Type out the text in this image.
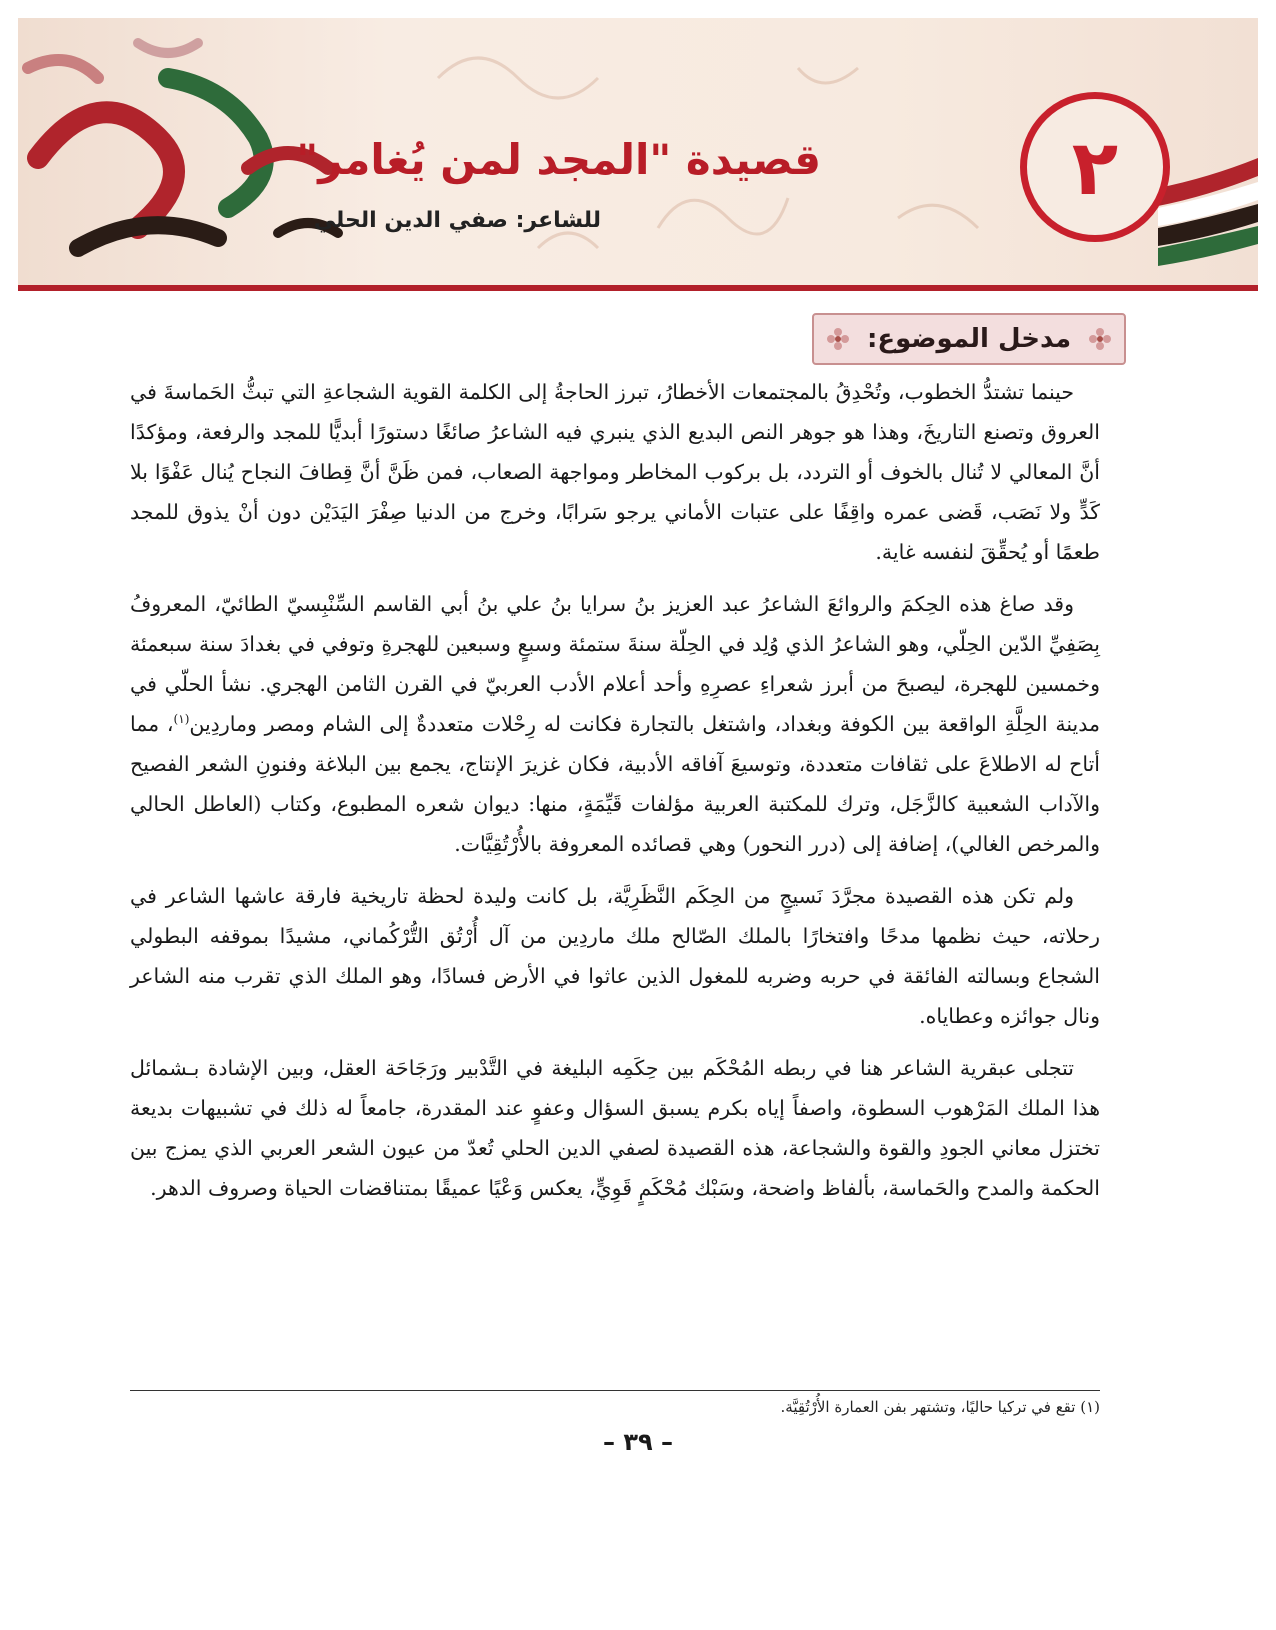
٢
قصيدة "المجد لمن يُغامر"
للشاعر: صفي الدين الحلي
مدخل الموضوع:

حينما تشتدُّ الخطوب، وتُحْدِقُ بالمجتمعات الأخطارُ، تبرز الحاجةُ إلى الكلمة القوية الشجاعةِ التي تبثُّ الحَماسةَ في العروق وتصنع التاريخَ، وهذا هو جوهر النص البديع الذي ينبري فيه الشاعرُ صائغًا دستورًا أبديًّا للمجد والرفعة، ومؤكدًا أنَّ المعالي لا تُنال بالخوف أو التردد، بل بركوب المخاطر ومواجهة الصعاب، فمن ظَنَّ أنَّ قِطافَ النجاح يُنال عَفْوًا بلا كَدٍّ ولا نَصَب، قَضى عمره واقِفًا على عتبات الأماني يرجو سَرابًا، وخرج من الدنيا صِفْرَ اليَدَيْن دون أنْ يذوق للمجد طعمًا أو يُحقِّقَ لنفسه غاية.

وقد صاغ هذه الحِكمَ والروائعَ الشاعرُ عبد العزيز بنُ سرايا بنُ علي بنُ أبي القاسم السِّنْبِسيّ الطائيّ، المعروفُ بِصَفِيِّ الدّين الحِلّي، وهو الشاعرُ الذي وُلِد في الحِلّة سنةَ ستمئة وسبعٍ وسبعين للهجرةِ وتوفي في بغدادَ سنة سبعمئة وخمسين للهجرة، ليصبحَ من أبرز شعراءِ عصرِهِ وأحد أعلام الأدب العربيّ في القرن الثامن الهجري. نشأ الحلّي في مدينة الحِلَّةِ الواقعة بين الكوفة وبغداد، واشتغل بالتجارة فكانت له رِحْلات متعددةٌ إلى الشام ومصر وماردِين$^{(١)}$، مما أتاح له الاطلاعَ على ثقافات متعددة، وتوسيعَ آفاقه الأدبية، فكان غزيرَ الإنتاج، يجمع بين البلاغة وفنونِ الشعر الفصيح والآداب الشعبية كالزَّجَل، وترك للمكتبة العربية مؤلفات قَيِّمَةٍ، منها: ديوان شعره المطبوع، وكتاب (العاطل الحالي والمرخص الغالي)، إضافة إلى (درر النحور) وهي قصائده المعروفة بالأُرْتُقِيَّات.

ولم تكن هذه القصيدة مجرَّدَ نَسيجٍ من الحِكَم النَّظَرِيَّة، بل كانت وليدة لحظة تاريخية فارقة عاشها الشاعر في رحلاته، حيث نظمها مدحًا وافتخارًا بالملك الصّالح ملك ماردِين من آل أُرْتُق التُّرْكُماني، مشيدًا بموقفه البطولي الشجاع وبسالته الفائقة في حربه وضربه للمغول الذين عاثوا في الأرض فسادًا، وهو الملك الذي تقرب منه الشاعر ونال جوائزه وعطاياه.

تتجلى عبقرية الشاعر هنا في ربطه المُحْكَم بين حِكَمِه البليغة في التَّدْبير ورَجَاحَة العقل، وبين الإشادة بـشمائل هذا الملك المَرْهوب السطوة، واصفاً إياه بكرم يسبق السؤال وعفوٍ عند المقدرة، جامعاً له ذلك في تشبيهات بديعة تختزل معاني الجودِ والقوة والشجاعة، هذه القصيدة لصفي الدين الحلي تُعدّ من عيون الشعر العربي الذي يمزج بين الحكمة والمدح والحَماسة، بألفاظ واضحة، وسَبْك مُحْكَمٍ قَوِيٍّ، يعكس وَعْيًا عميقًا بمتناقضات الحياة وصروف الدهر.

(١) تقع في تركيا حاليًا، وتشتهر بفن العمارة الأُرْتُقِيَّة.
– ٣٩ –
